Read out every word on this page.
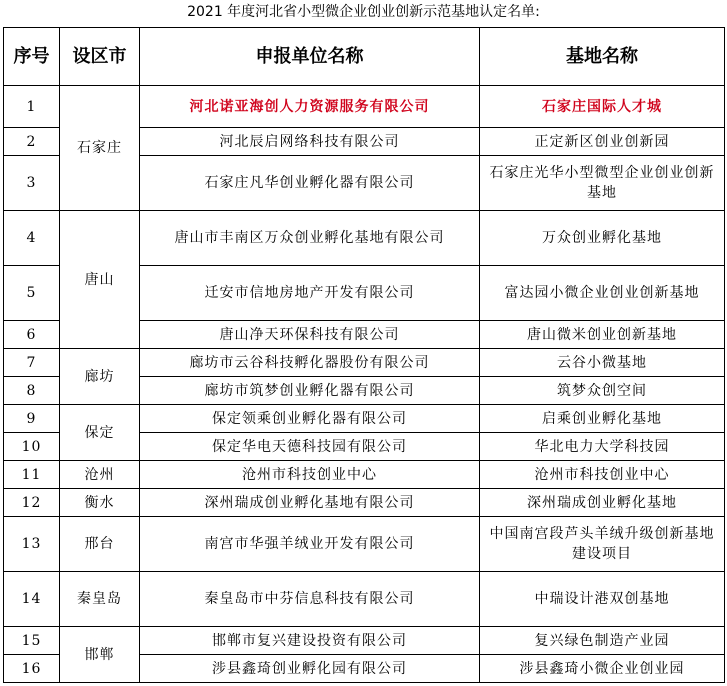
2021 年度河北省小型微企业创业创新示范基地认定名单:
序号	设区市	申报单位名称	基地名称
1	石家庄	河北诺亚海创人力资源服务有限公司	石家庄国际人才城
2		河北辰启网络科技有限公司	正定新区创业创新园
3		石家庄凡华创业孵化器有限公司	石家庄光华小型微型企业创业创新基地
4	唐山	唐山市丰南区万众创业孵化基地有限公司	万众创业孵化基地
5		迁安市信地房地产开发有限公司	富达园小微企业创业创新基地
6		唐山净天环保科技有限公司	唐山微米创业创新基地
7	廊坊	廊坊市云谷科技孵化器股份有限公司	云谷小微基地
8		廊坊市筑梦创业孵化器有限公司	筑梦众创空间
9	保定	保定领乘创业孵化器有限公司	启乘创业孵化基地
10		保定华电天德科技园有限公司	华北电力大学科技园
11	沧州	沧州市科技创业中心	沧州市科技创业中心
12	衡水	深州瑞成创业孵化基地有限公司	深州瑞成创业孵化基地
13	邢台	南宫市华强羊绒业开发有限公司	中国南宫段芦头羊绒升级创新基地建设项目
14	秦皇岛	秦皇岛市中芬信息科技有限公司	中瑞设计港双创基地
15	邯郸	邯郸市复兴建设投资有限公司	复兴绿色制造产业园
16		涉县鑫琦创业孵化园有限公司	涉县鑫琦小微企业创业园
